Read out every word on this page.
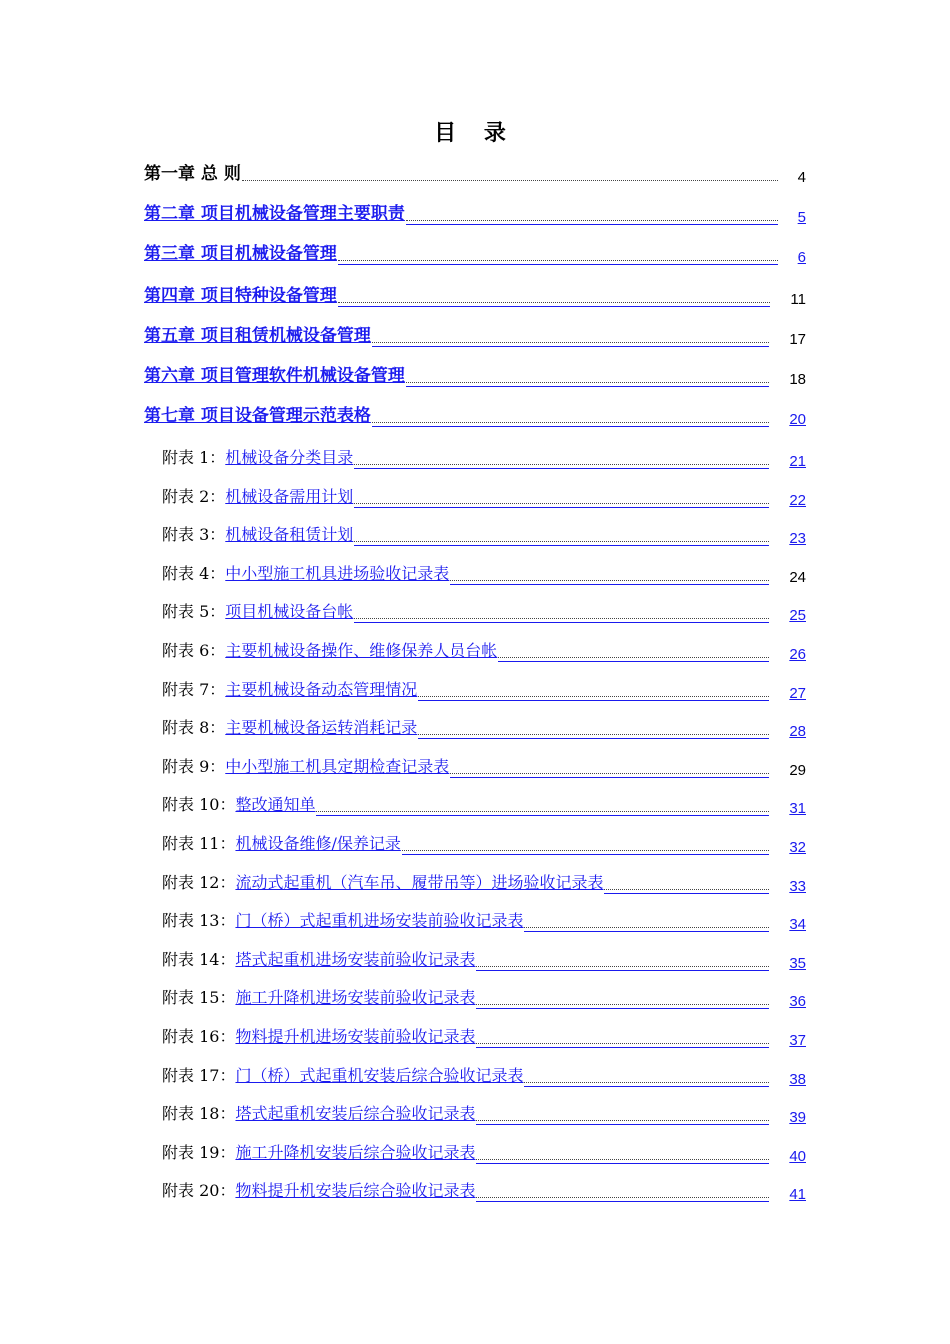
目 录
第一章 总 则	4
第二章 项目机械设备管理主要职责	5
第三章 项目机械设备管理	6
第四章 项目特种设备管理	11
第五章 项目租赁机械设备管理	17
第六章 项目管理软件机械设备管理	18
第七章 项目设备管理示范表格	20
附表 1：机械设备分类目录	21
附表 2：机械设备需用计划	22
附表 3：机械设备租赁计划	23
附表 4：中小型施工机具进场验收记录表	24
附表 5：项目机械设备台帐	25
附表 6：主要机械设备操作、维修保养人员台帐	26
附表 7：主要机械设备动态管理情况	27
附表 8：主要机械设备运转消耗记录	28
附表 9：中小型施工机具定期检查记录表	29
附表 10：整改通知单	31
附表 11：机械设备维修/保养记录	32
附表 12：流动式起重机（汽车吊、履带吊等）进场验收记录表	33
附表 13：门（桥）式起重机进场安装前验收记录表	34
附表 14：塔式起重机进场安装前验收记录表	35
附表 15：施工升降机进场安装前验收记录表	36
附表 16：物料提升机进场安装前验收记录表	37
附表 17：门（桥）式起重机安装后综合验收记录表	38
附表 18：塔式起重机安装后综合验收记录表	39
附表 19：施工升降机安装后综合验收记录表	40
附表 20：物料提升机安装后综合验收记录表	41
